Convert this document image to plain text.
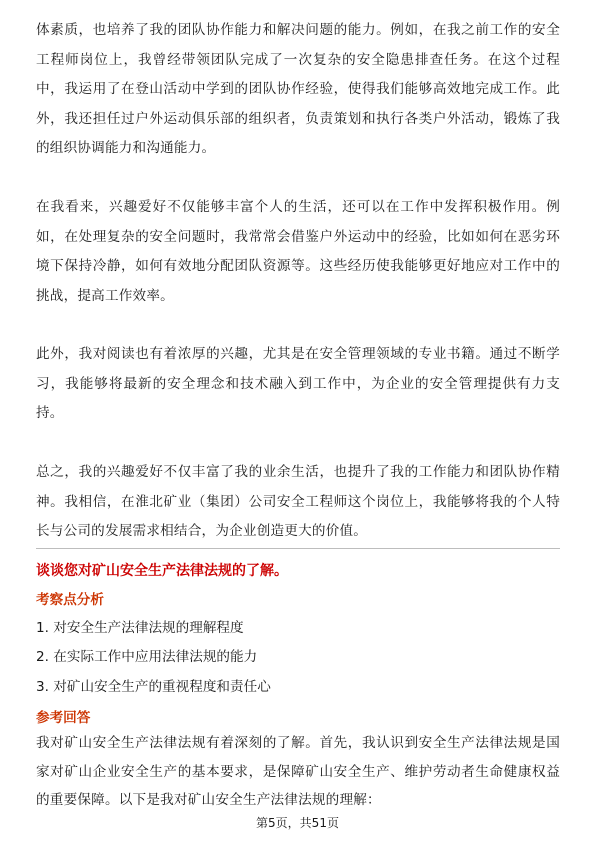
体素质，也培养了我的团队协作能力和解决问题的能力。例如，在我之前工作的安全工程师岗位上，我曾经带领团队完成了一次复杂的安全隐患排查任务。在这个过程中，我运用了在登山活动中学到的团队协作经验，使得我们能够高效地完成工作。此外，我还担任过户外运动俱乐部的组织者，负责策划和执行各类户外活动，锻炼了我的组织协调能力和沟通能力。

在我看来，兴趣爱好不仅能够丰富个人的生活，还可以在工作中发挥积极作用。例如，在处理复杂的安全问题时，我常常会借鉴户外运动中的经验，比如如何在恶劣环境下保持冷静，如何有效地分配团队资源等。这些经历使我能够更好地应对工作中的挑战，提高工作效率。

此外，我对阅读也有着浓厚的兴趣，尤其是在安全管理领域的专业书籍。通过不断学习，我能够将最新的安全理念和技术融入到工作中，为企业的安全管理提供有力支持。

总之，我的兴趣爱好不仅丰富了我的业余生活，也提升了我的工作能力和团队协作精神。我相信，在淮北矿业（集团）公司安全工程师这个岗位上，我能够将我的个人特长与公司的发展需求相结合，为企业创造更大的价值。

谈谈您对矿山安全生产法律法规的了解。

考察点分析

1. 对安全生产法律法规的理解程度

2. 在实际工作中应用法律法规的能力

3. 对矿山安全生产的重视程度和责任心

参考回答

我对矿山安全生产法律法规有着深刻的了解。首先，我认识到安全生产法律法规是国家对矿山企业安全生产的基本要求，是保障矿山安全生产、维护劳动者生命健康权益的重要保障。以下是我对矿山安全生产法律法规的理解：

第5页，共51页
